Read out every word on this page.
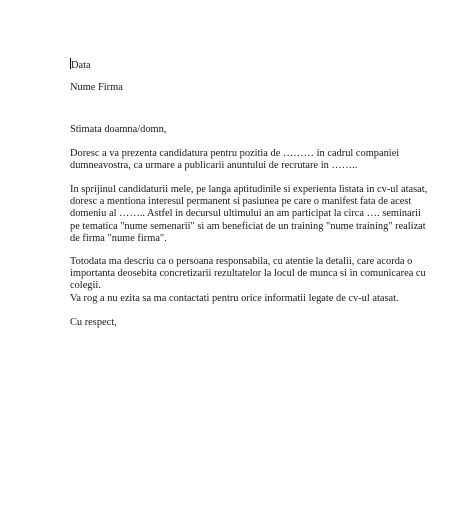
Data
Nume Firma
Stimata doamna/domn,
Doresc a va prezenta candidatura pentru pozitia de ……… in cadrul companiei
dumneavostra, ca urmare a publicarii anuntului de recrutare in ……..
In sprijinul candidaturii mele, pe langa aptitudinile si experienta listata in cv-ul atasat,
doresc a mentiona interesul permanent si pasiunea pe care o manifest fata de acest
domeniu al …….. Astfel in decursul ultimului an am participat la circa …. seminarii
pe tematica "nume semenarii" si am beneficiat de un training "nume training" realizat
de firma "nume firma".
Totodata ma descriu ca o persoana responsabila, cu atentie la detalii, care acorda o
importanta deosebita concretizarii rezultatelor la locul de munca si in comunicarea cu
colegii.
Va rog a nu ezita sa ma contactati pentru orice informatii legate de cv-ul atasat.
Cu respect,
